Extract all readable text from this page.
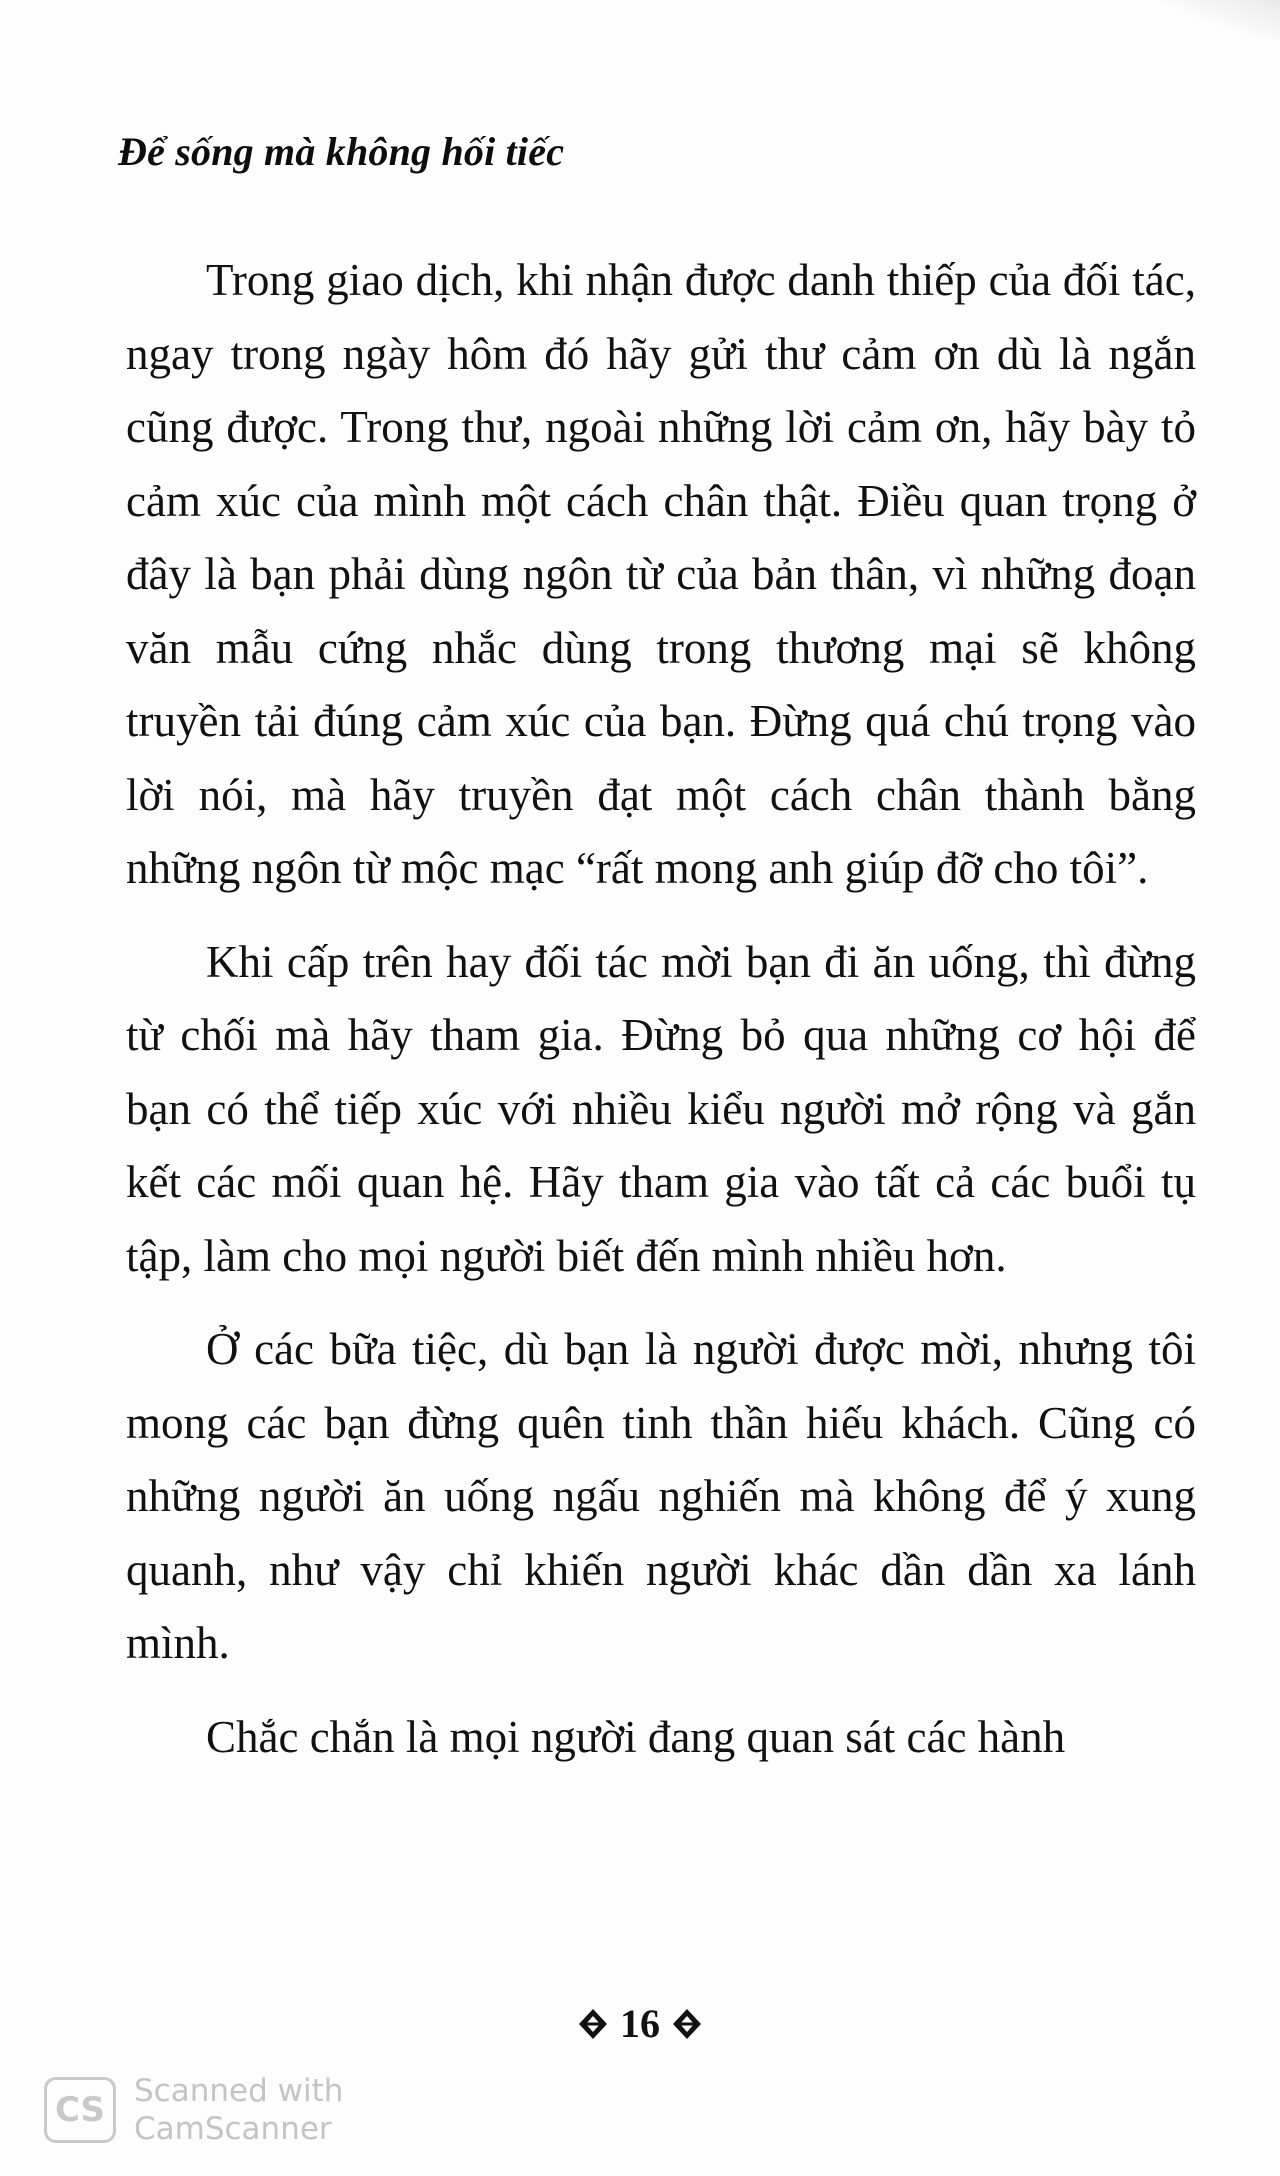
Để sống mà không hối tiếc

Trong giao dịch, khi nhận được danh thiếp của đối tác, ngay trong ngày hôm đó hãy gửi thư cảm ơn dù là ngắn cũng được. Trong thư, ngoài những lời cảm ơn, hãy bày tỏ cảm xúc của mình một cách chân thật. Điều quan trọng ở đây là bạn phải dùng ngôn từ của bản thân, vì những đoạn văn mẫu cứng nhắc dùng trong thương mại sẽ không truyền tải đúng cảm xúc của bạn. Đừng quá chú trọng vào lời nói, mà hãy truyền đạt một cách chân thành bằng những ngôn từ mộc mạc “rất mong anh giúp đỡ cho tôi”.

Khi cấp trên hay đối tác mời bạn đi ăn uống, thì đừng từ chối mà hãy tham gia. Đừng bỏ qua những cơ hội để bạn có thể tiếp xúc với nhiều kiểu người mở rộng và gắn kết các mối quan hệ. Hãy tham gia vào tất cả các buổi tụ tập, làm cho mọi người biết đến mình nhiều hơn.

Ở các bữa tiệc, dù bạn là người được mời, nhưng tôi mong các bạn đừng quên tinh thần hiếu khách. Cũng có những người ăn uống ngấu nghiến mà không để ý xung quanh, như vậy chỉ khiến người khác dần dần xa lánh mình.

Chắc chắn là mọi người đang quan sát các hành

16
CS Scanned with
CamScanner
